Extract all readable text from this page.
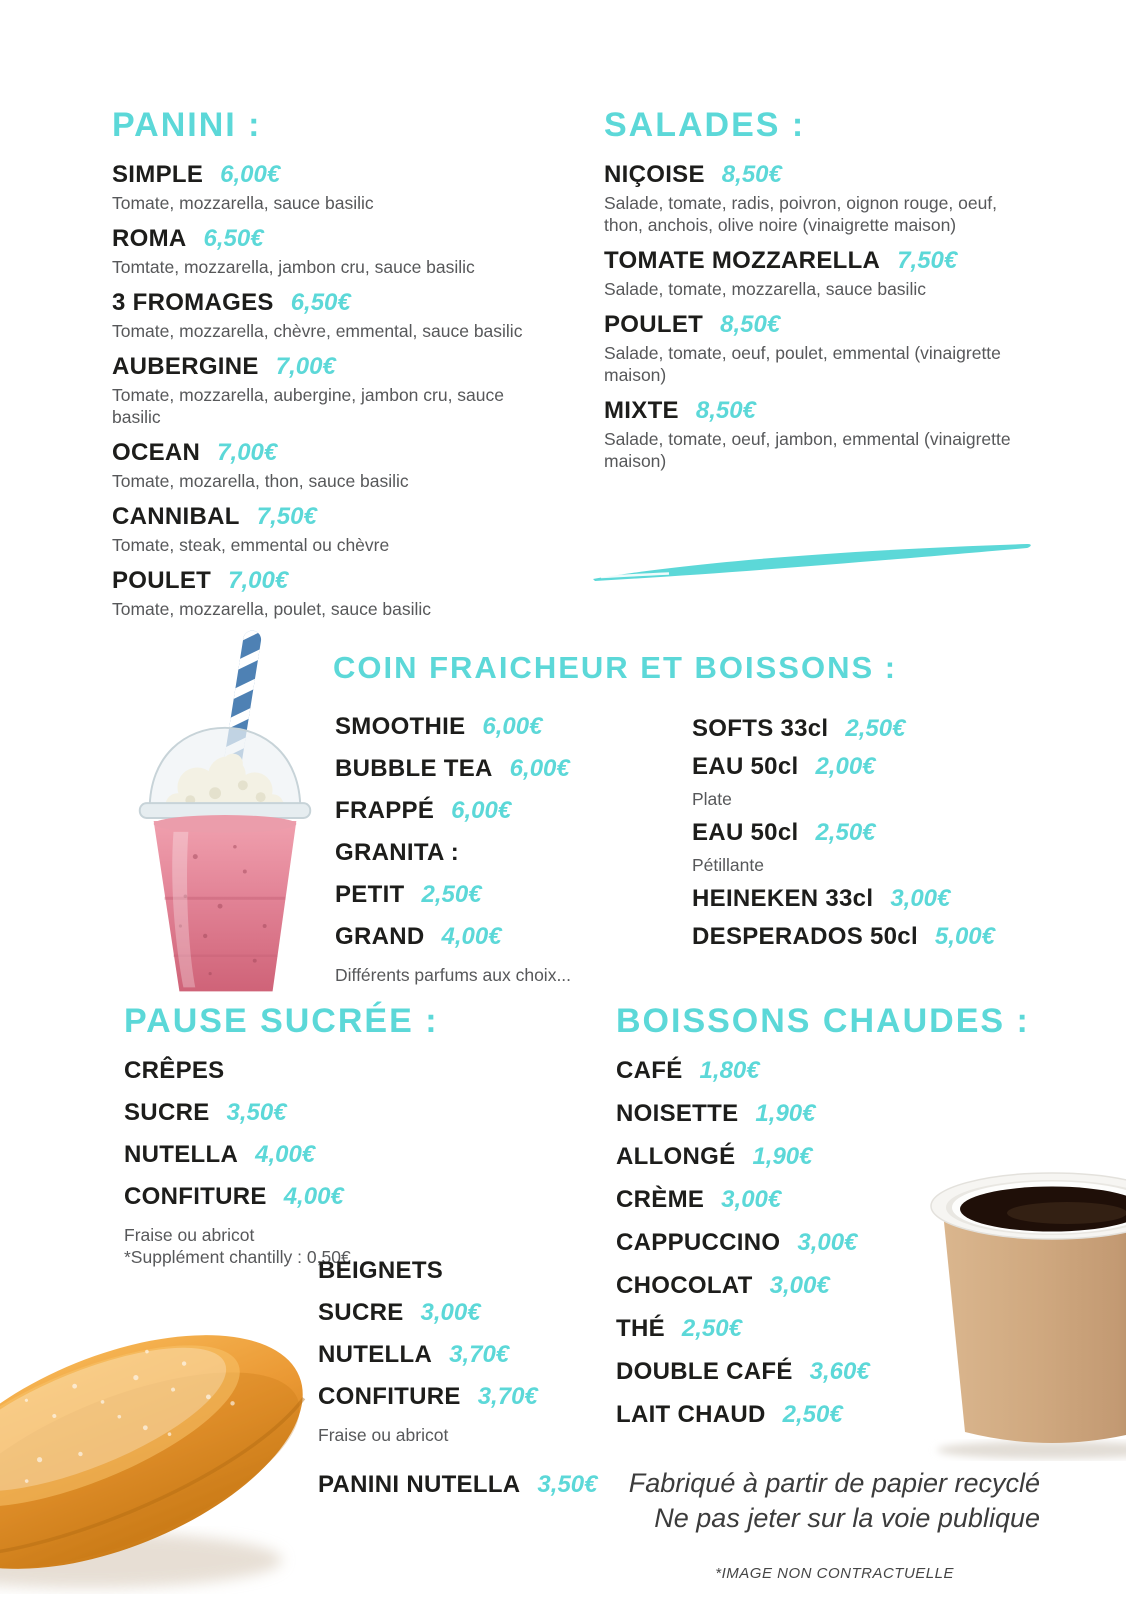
PANINI :
SIMPLE 6,00€
Tomate, mozzarella, sauce basilic
ROMA 6,50€
Tomtate, mozzarella, jambon cru, sauce basilic
3 FROMAGES 6,50€
Tomate, mozzarella, chèvre, emmental, sauce basilic
AUBERGINE 7,00€
Tomate, mozzarella, aubergine, jambon cru, sauce basilic
OCEAN 7,00€
Tomate, mozarella, thon, sauce basilic
CANNIBAL 7,50€
Tomate, steak, emmental ou chèvre
POULET 7,00€
Tomate, mozzarella, poulet, sauce basilic
SALADES :
NIÇOISE 8,50€
Salade, tomate, radis, poivron, oignon rouge, oeuf, thon, anchois, olive noire (vinaigrette maison)
TOMATE MOZZARELLA 7,50€
Salade, tomate, mozzarella, sauce basilic
POULET 8,50€
Salade, tomate, oeuf, poulet, emmental (vinaigrette maison)
MIXTE 8,50€
Salade, tomate, oeuf, jambon, emmental (vinaigrette maison)
COIN FRAICHEUR ET BOISSONS :
SMOOTHIE 6,00€
BUBBLE TEA 6,00€
FRAPPÉ 6,00€
GRANITA :
PETIT 2,50€
GRAND 4,00€
Différents parfums aux choix...
SOFTS 33cl 2,50€
EAU 50cl 2,00€
Plate
EAU 50cl 2,50€
Pétillante
HEINEKEN 33cl 3,00€
DESPERADOS 50cl 5,00€
PAUSE SUCRÉE :
CRÊPES
SUCRE 3,50€
NUTELLA 4,00€
CONFITURE 4,00€
Fraise ou abricot
*Supplément chantilly : 0,50€
BOISSONS CHAUDES :
CAFÉ 1,80€
NOISETTE 1,90€
ALLONGÉ 1,90€
CRÈME 3,00€
CAPPUCCINO 3,00€
CHOCOLAT 3,00€
THÉ 2,50€
DOUBLE CAFÉ 3,60€
LAIT CHAUD 2,50€
BEIGNETS
SUCRE 3,00€
NUTELLA 3,70€
CONFITURE 3,70€
Fraise ou abricot
PANINI NUTELLA 3,50€	Fabriqué à partir de papier recyclé
Ne pas jeter sur la voie publique
*IMAGE NON CONTRACTUELLE
